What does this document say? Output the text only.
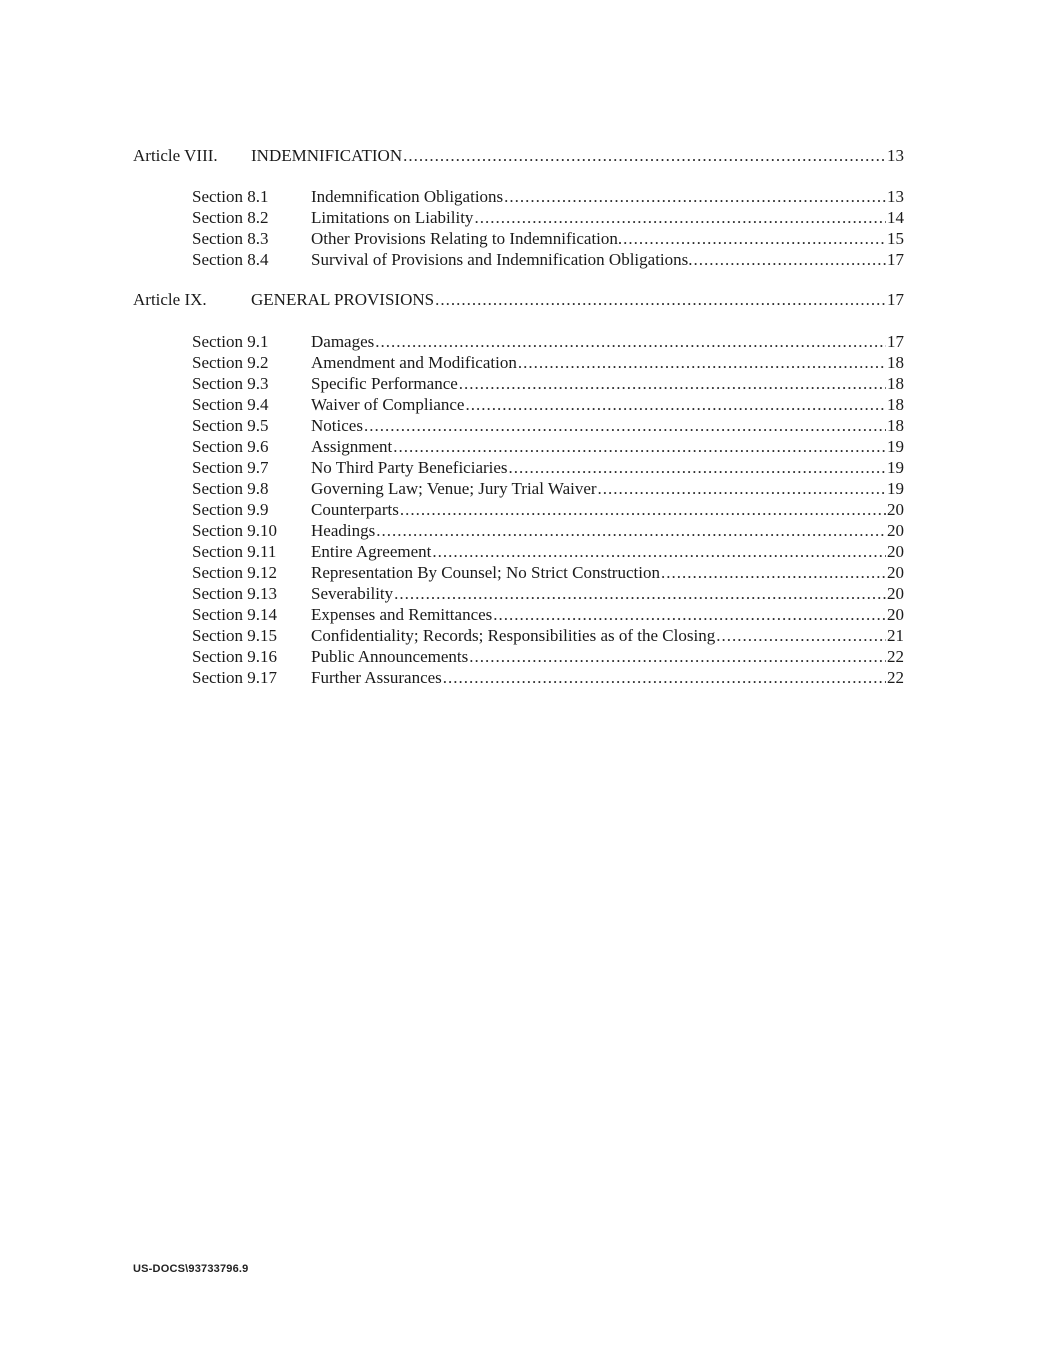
Article VIII.	INDEMNIFICATION .....	13
Section 8.1	Indemnification Obligations .....	13
Section 8.2	Limitations on Liability .....	14
Section 8.3	Other Provisions Relating to Indemnification. .....	15
Section 8.4	Survival of Provisions and Indemnification Obligations. .....	17
Article IX.	GENERAL PROVISIONS .....	17
Section 9.1	Damages .....	17
Section 9.2	Amendment and Modification .....	18
Section 9.3	Specific Performance .....	18
Section 9.4	Waiver of Compliance .....	18
Section 9.5	Notices .....	18
Section 9.6	Assignment .....	19
Section 9.7	No Third Party Beneficiaries .....	19
Section 9.8	Governing Law; Venue; Jury Trial Waiver .....	19
Section 9.9	Counterparts .....	20
Section 9.10	Headings .....	20
Section 9.11	Entire Agreement .....	20
Section 9.12	Representation By Counsel; No Strict Construction .....	20
Section 9.13	Severability .....	20
Section 9.14	Expenses and Remittances .....	20
Section 9.15	Confidentiality; Records; Responsibilities as of the Closing .....	21
Section 9.16	Public Announcements .....	22
Section 9.17	Further Assurances .....	22
US-DOCS\93733796.9
